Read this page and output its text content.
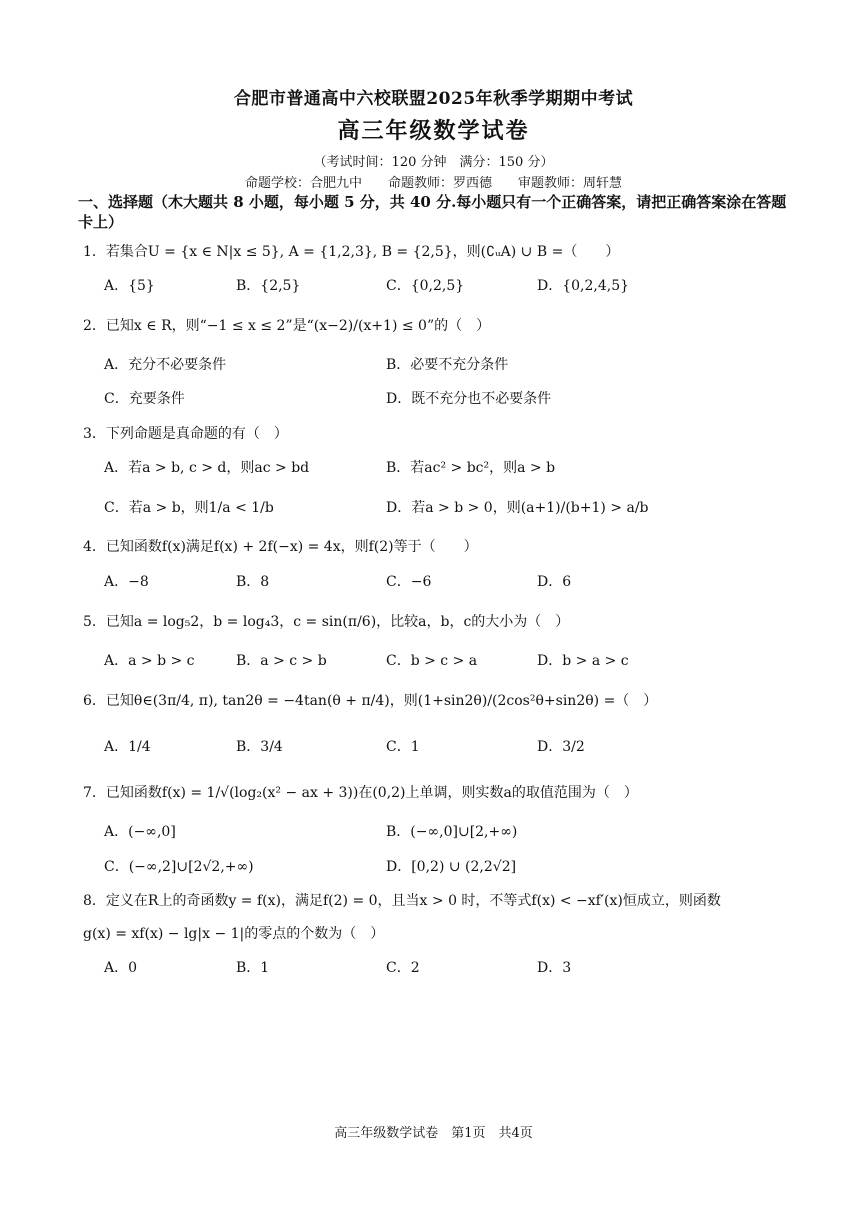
合肥市普通高中六校联盟2025年秋季学期期中考试
高三年级数学试卷
（考试时间：120 分钟　满分：150 分）
命题学校：合肥九中　　命题教师：罗西德　　审题教师：周轩慧
一、选择题（木大题共 8 小题，每小题 5 分，共 40 分.每小题只有一个正确答案，请把正确答案涂在答题卡上）
1．若集合U = {x ∈ N|x ≤ 5}, A = {1,2,3}, B = {2,5}，则(∁ᵤA) ∪ B =（　　）
A．{5}	B．{2,5}	C．{0,2,5}	D．{0,2,4,5}
2．已知x ∈ R，则“−1 ≤ x ≤ 2”是“(x−2)/(x+1) ≤ 0”的（　）
A．充分不必要条件	B．必要不充分条件
C．充要条件	D．既不充分也不必要条件
3．下列命题是真命题的有（　）
A．若a > b, c > d，则ac > bd	B．若ac² > bc²，则a > b
C．若a > b，则1/a < 1/b	D．若a > b > 0，则(a+1)/(b+1) > a/b
4．已知函数f(x)满足f(x) + 2f(−x) = 4x，则f(2)等于（　　）
A．−8	B．8	C．−6	D．6
5．已知a = log₅2，b = log₄3，c = sin(π/6)，比较a，b，c的大小为（　）
A．a > b > c	B．a > c > b	C．b > c > a	D．b > a > c
6．已知θ∈(3π/4, π), tan2θ = −4tan(θ + π/4)，则(1+sin2θ)/(2cos²θ+sin2θ) =（　）
A．1/4	B．3/4	C．1	D．3/2
7．已知函数f(x) = 1/√(log₂(x² − ax + 3))在(0,2)上单调，则实数a的取值范围为（　）
A．(−∞,0]	B．(−∞,0]∪[2,+∞)
C．(−∞,2]∪[2√2,+∞)	D．[0,2) ∪ (2,2√2]
8．定义在R上的奇函数y = f(x)，满足f(2) = 0，且当x > 0 时，不等式f(x) < −xf′(x)恒成立，则函数
g(x) = xf(x) − lg|x − 1|的零点的个数为（　）
A．0	B．1	C．2	D．3
高三年级数学试卷　第1页　共4页
